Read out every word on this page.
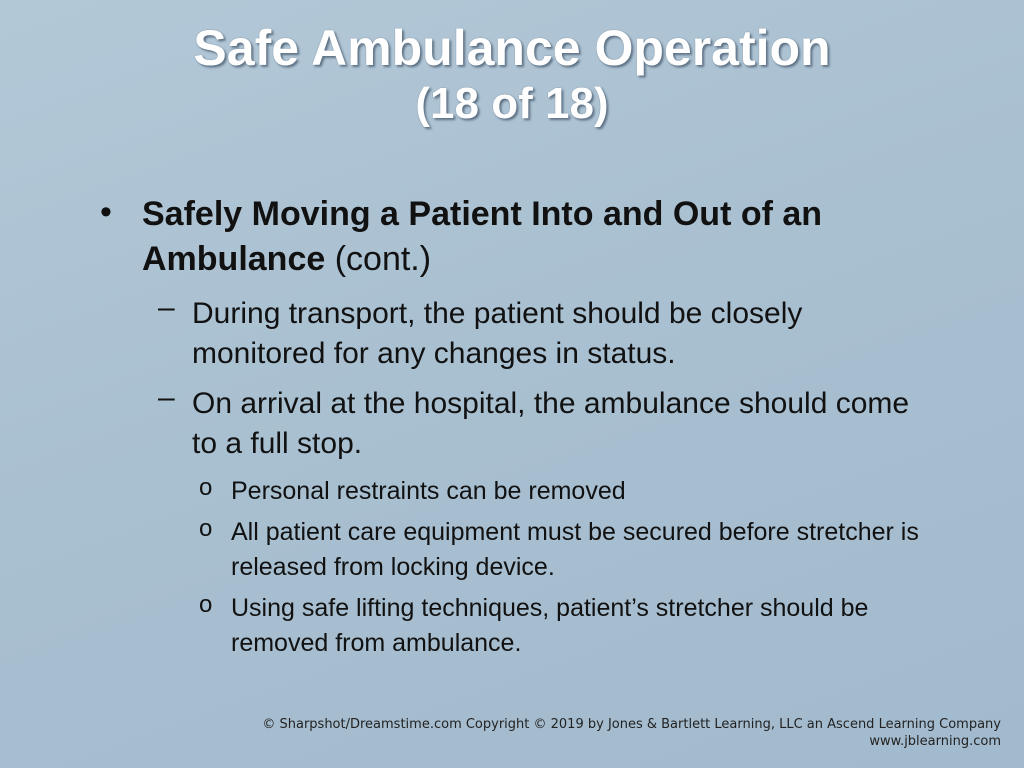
Safe Ambulance Operation
(18 of 18)
• Safely Moving a Patient Into and Out of an Ambulance (cont.)
– During transport, the patient should be closely monitored for any changes in status.
– On arrival at the hospital, the ambulance should come to a full stop.
o Personal restraints can be removed
o All patient care equipment must be secured before stretcher is released from locking device.
o Using safe lifting techniques, patient’s stretcher should be removed from ambulance.
© Sharpshot/Dreamstime.com Copyright © 2019 by Jones & Bartlett Learning, LLC an Ascend Learning Company
www.jblearning.com
